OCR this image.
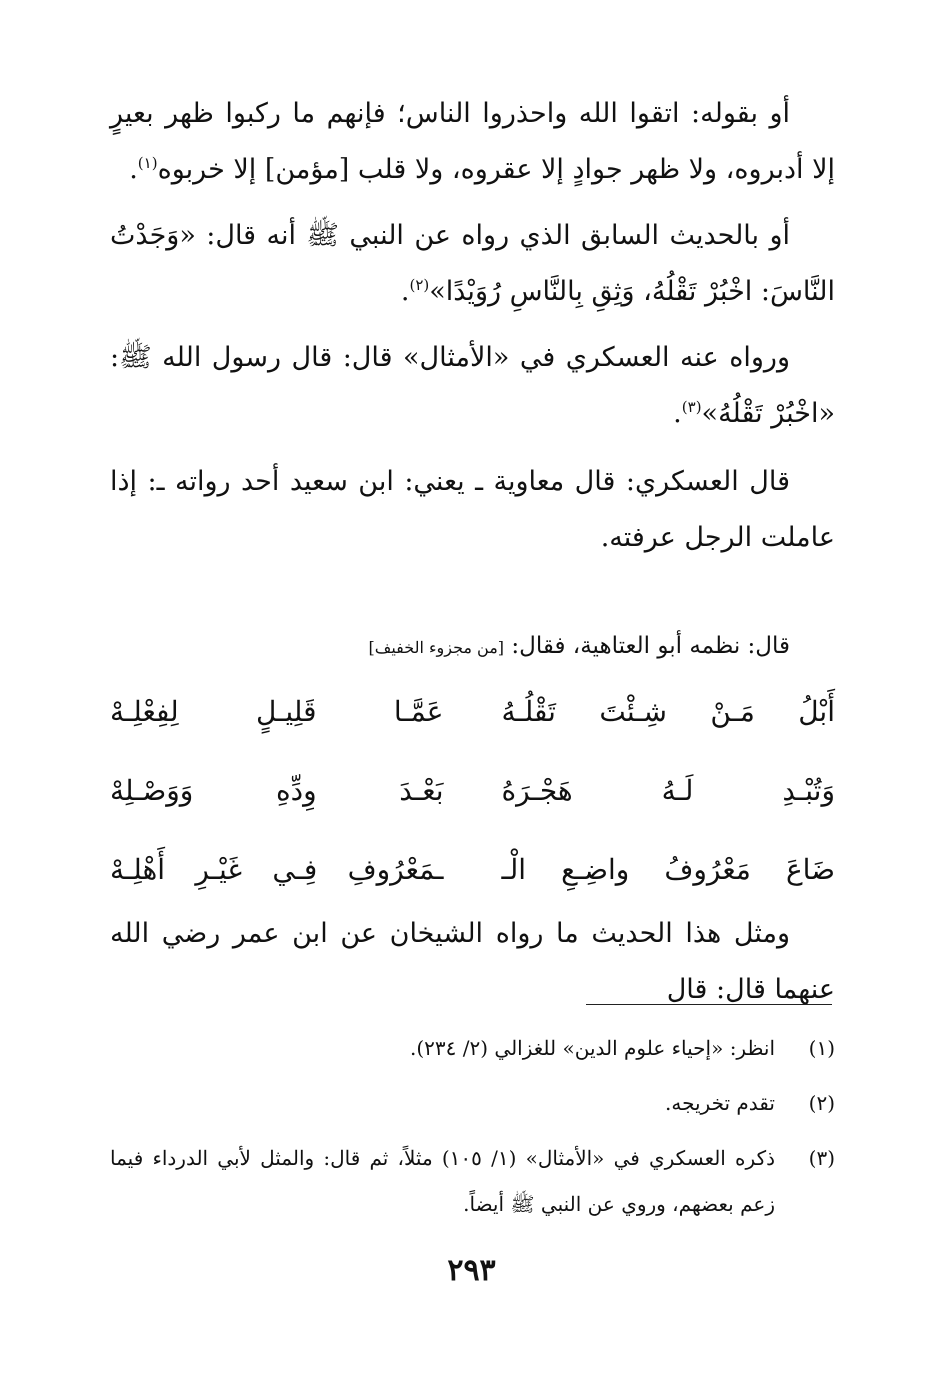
أو بقوله: اتقوا الله واحذروا الناس؛ فإنهم ما ركبوا ظهر بعيرٍ إلا أدبروه، ولا ظهر جوادٍ إلا عقروه، ولا قلب [مؤمن] إلا خربوه$^{(١)}$.

أو بالحديث السابق الذي رواه عن النبي ﷺ أنه قال: «وَجَدْتُ النَّاسَ: اخْبُرْ تَقْلُهُ، وَثِقِ بِالنَّاسِ رُوَيْدًا»$^{(٢)}$.

ورواه عنه العسكري في «الأمثال» قال: قال رسول الله ﷺ: «اخْبُرْ تَقْلُهُ»$^{(٣)}$.

قال العسكري: قال معاوية ـ يعني: ابن سعيد أحد رواته ـ: إذا عاملت الرجل عرفته.

قال: نظمه أبو العتاهية، فقال: [من مجزوء الخفيف]
أَبْلُ مَـنْ شِـئْتَ تَقْلُـهُ
عَمَّـا قَلِيـلٍ لِفِعْلِـهْ
وَتُبْـدِ لَـهُ هَجْـرَهُ
بَعْـدَ وِدِّهِ وَوَصْـلِهْ
ضَاعَ مَعْرُوفُ واضِـعِ الْـ
ـمَعْرُوفِ فِـي غَيْـرِ أَهْلِـهْ

ومثل هذا الحديث ما رواه الشيخان عن ابن عمر رضي الله عنهما قال: قال

(١)
انظر: «إحياء علوم الدين» للغزالي (٢/ ٢٣٤).
(٢)
تقدم تخريجه.
(٣)
ذكره العسكري في «الأمثال» (١/ ١٠٥) مثلاً، ثم قال: والمثل لأبي الدرداء فيما زعم بعضهم، وروي عن النبي ﷺ أيضاً.
٢٩٣
